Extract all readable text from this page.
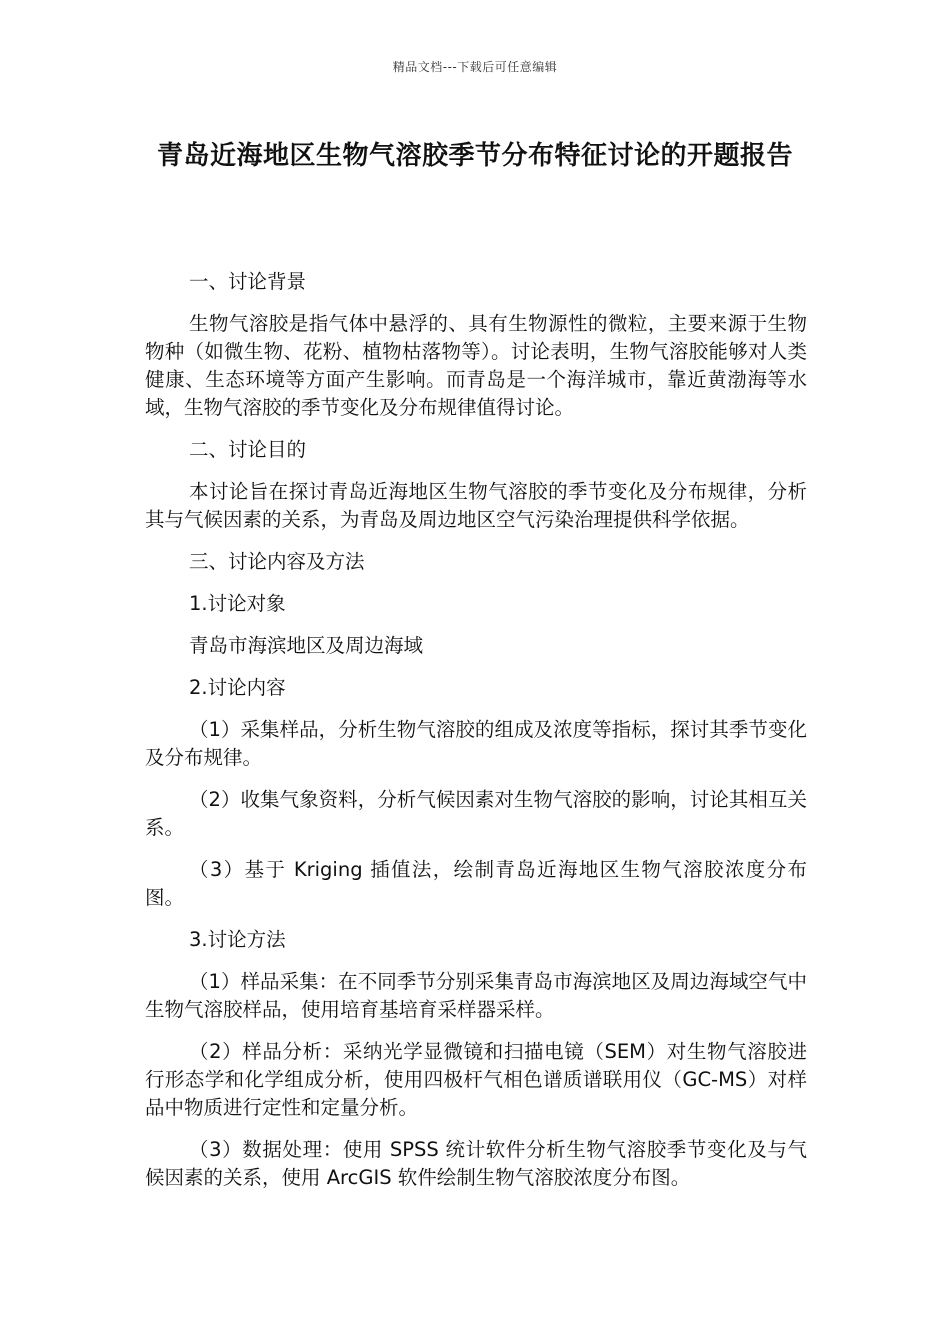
精品文档---下载后可任意编辑
青岛近海地区生物气溶胶季节分布特征讨论的开题报告

一、讨论背景

生物气溶胶是指气体中悬浮的、具有生物源性的微粒，主要来源于生物物种（如微生物、花粉、植物枯落物等）。讨论表明，生物气溶胶能够对人类健康、生态环境等方面产生影响。而青岛是一个海洋城市，靠近黄渤海等水域，生物气溶胶的季节变化及分布规律值得讨论。

二、讨论目的

本讨论旨在探讨青岛近海地区生物气溶胶的季节变化及分布规律，分析其与气候因素的关系，为青岛及周边地区空气污染治理提供科学依据。

三、讨论内容及方法

1.讨论对象

青岛市海滨地区及周边海域

2.讨论内容

（1）采集样品，分析生物气溶胶的组成及浓度等指标，探讨其季节变化及分布规律。

（2）收集气象资料，分析气候因素对生物气溶胶的影响，讨论其相互关系。

（3）基于 Kriging 插值法，绘制青岛近海地区生物气溶胶浓度分布图。

3.讨论方法

（1）样品采集：在不同季节分别采集青岛市海滨地区及周边海域空气中生物气溶胶样品，使用培育基培育采样器采样。

（2）样品分析：采纳光学显微镜和扫描电镜（SEM）对生物气溶胶进行形态学和化学组成分析，使用四极杆气相色谱质谱联用仪（GC-MS）对样品中物质进行定性和定量分析。

（3）数据处理：使用 SPSS 统计软件分析生物气溶胶季节变化及与气候因素的关系，使用 ArcGIS 软件绘制生物气溶胶浓度分布图。
